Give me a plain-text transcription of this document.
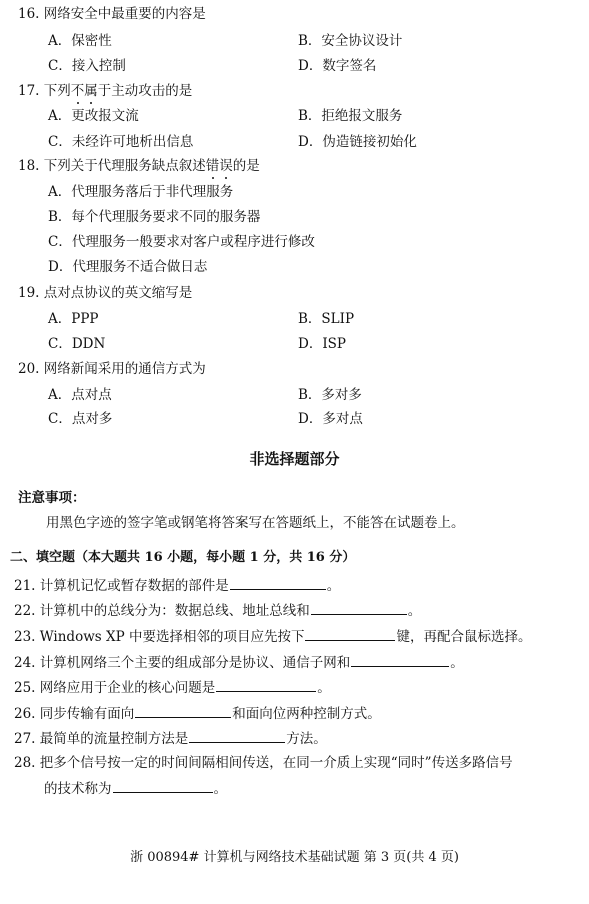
16. 网络安全中最重要的内容是
A．保密性	B．安全协议设计
C．接入控制	D．数字签名
17. 下列不属于主动攻击的是
A．更改报文流	B．拒绝报文服务
C．未经许可地析出信息	D．伪造链接初始化
18. 下列关于代理服务缺点叙述错误的是
A．代理服务落后于非代理服务
B．每个代理服务要求不同的服务器
C．代理服务一般要求对客户或程序进行修改
D．代理服务不适合做日志
19. 点对点协议的英文缩写是
A．PPP	B．SLIP
C．DDN	D．ISP
20. 网络新闻采用的通信方式为
A．点对点	B．多对多
C．点对多	D．多对点
非选择题部分
注意事项：
用黑色字迹的签字笔或钢笔将答案写在答题纸上，不能答在试题卷上。
二、填空题（本大题共 16 小题，每小题 1 分，共 16 分）
21. 计算机记忆或暂存数据的部件是	。
22. 计算机中的总线分为：数据总线、地址总线和	。
23. Windows XP 中要选择相邻的项目应先按下	键，再配合鼠标选择。
24. 计算机网络三个主要的组成部分是协议、通信子网和	。
25. 网络应用于企业的核心问题是	。
26. 同步传输有面向	和面向位两种控制方式。
27. 最简单的流量控制方法是	方法。
28. 把多个信号按一定的时间间隔相间传送，在同一介质上实现“同时”传送多路信号
的技术称为	。
浙 00894# 计算机与网络技术基础试题 第 3 页(共 4 页)
